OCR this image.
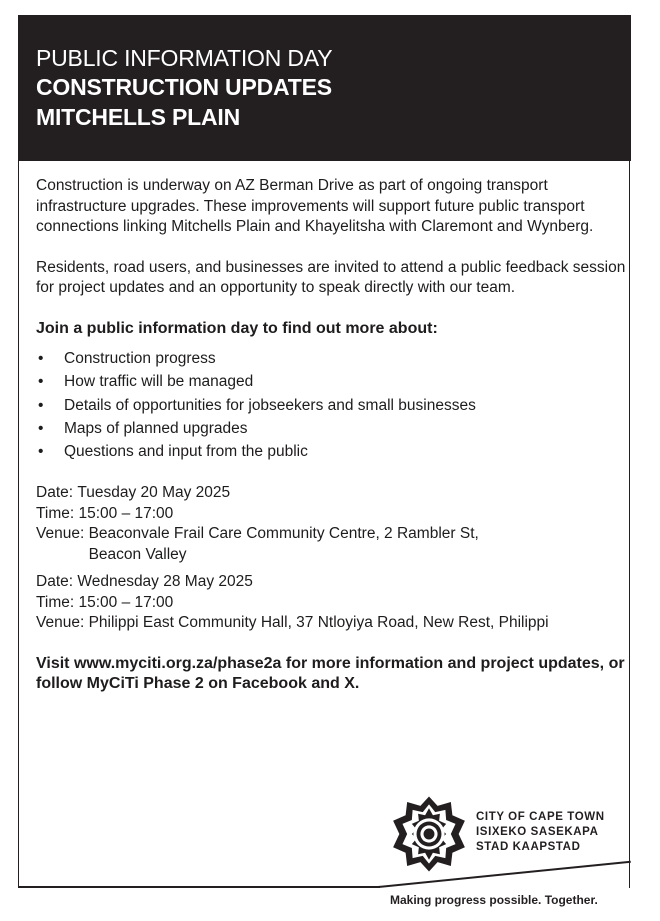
PUBLIC INFORMATION DAY
CONSTRUCTION UPDATES
MITCHELLS PLAIN

Construction is underway on AZ Berman Drive as part of ongoing transport infrastructure upgrades. These improvements will support future public transport connections linking Mitchells Plain and Khayelitsha with Claremont and Wynberg.

Residents, road users, and businesses are invited to attend a public feedback session for project updates and an opportunity to speak directly with our team.

Join a public information day to find out more about:

• Construction progress
• How traffic will be managed
• Details of opportunities for jobseekers and small businesses
• Maps of planned upgrades
• Questions and input from the public
Date: Tuesday 20 May 2025
Time: 15:00 – 17:00
Venue: Beaconvale Frail Care Community Centre, 2 Rambler St, Beacon Valley
Date: Wednesday 28 May 2025
Time: 15:00 – 17:00
Venue: Philippi East Community Hall, 37 Ntloyiya Road, New Rest, Philippi

Visit www.myciti.org.za/phase2a for more information and project updates, or follow MyCiTi Phase 2 on Facebook and X.

CITY OF CAPE TOWN
ISIXEKO SASEKAPA
STAD KAAPSTAD
Making progress possible. Together.
